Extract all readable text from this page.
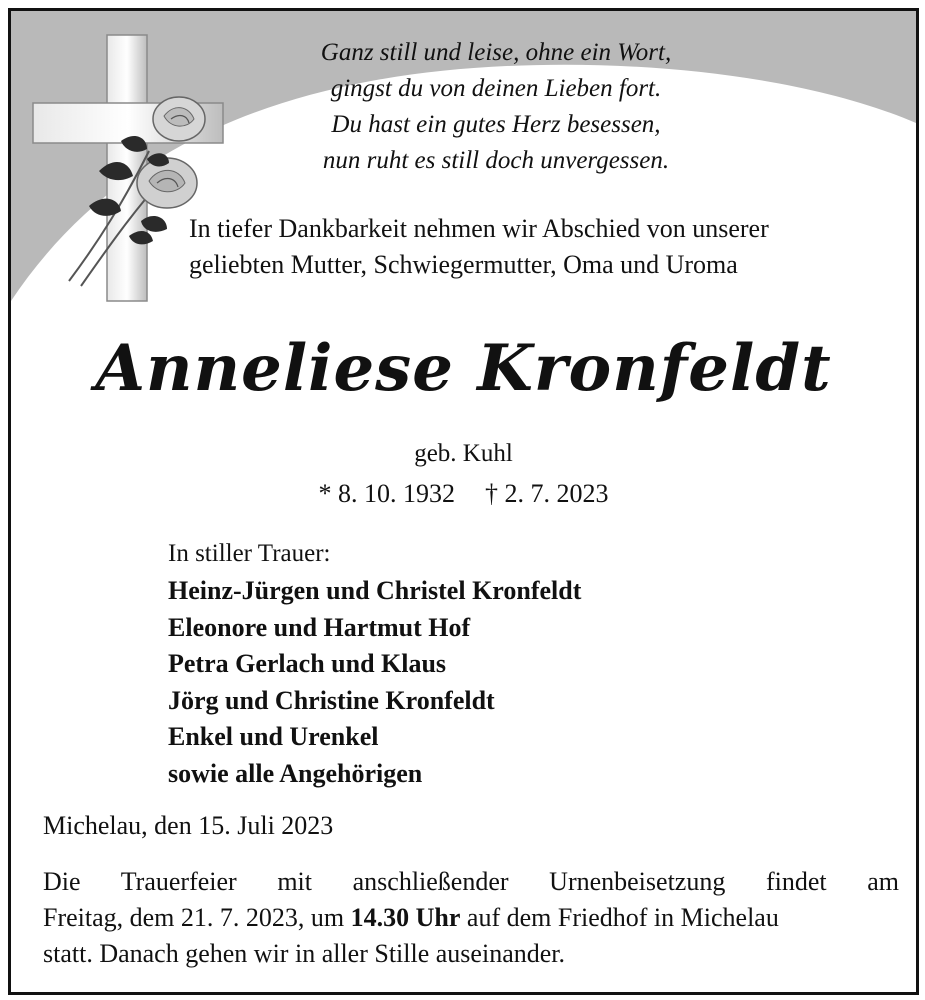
Ganz still und leise, ohne ein Wort,
gingst du von deinen Lieben fort.
Du hast ein gutes Herz besessen,
nun ruht es still doch unvergessen.
In tiefer Dankbarkeit nehmen wir Abschied von unserer
geliebten Mutter, Schwiegermutter, Oma und Uroma
Anneliese Kronfeldt
geb. Kuhl
* 8. 10. 1932 † 2. 7. 2023
In stiller Trauer:
Heinz-Jürgen und Christel Kronfeldt
Eleonore und Hartmut Hof
Petra Gerlach und Klaus
Jörg und Christine Kronfeldt
Enkel und Urenkel
sowie alle Angehörigen
Michelau, den 15. Juli 2023
Die Trauerfeier mit anschließender Urnenbeisetzung findet am
Freitag, dem 21. 7. 2023, um 14.30 Uhr auf dem Friedhof in Michelau
statt. Danach gehen wir in aller Stille auseinander.
